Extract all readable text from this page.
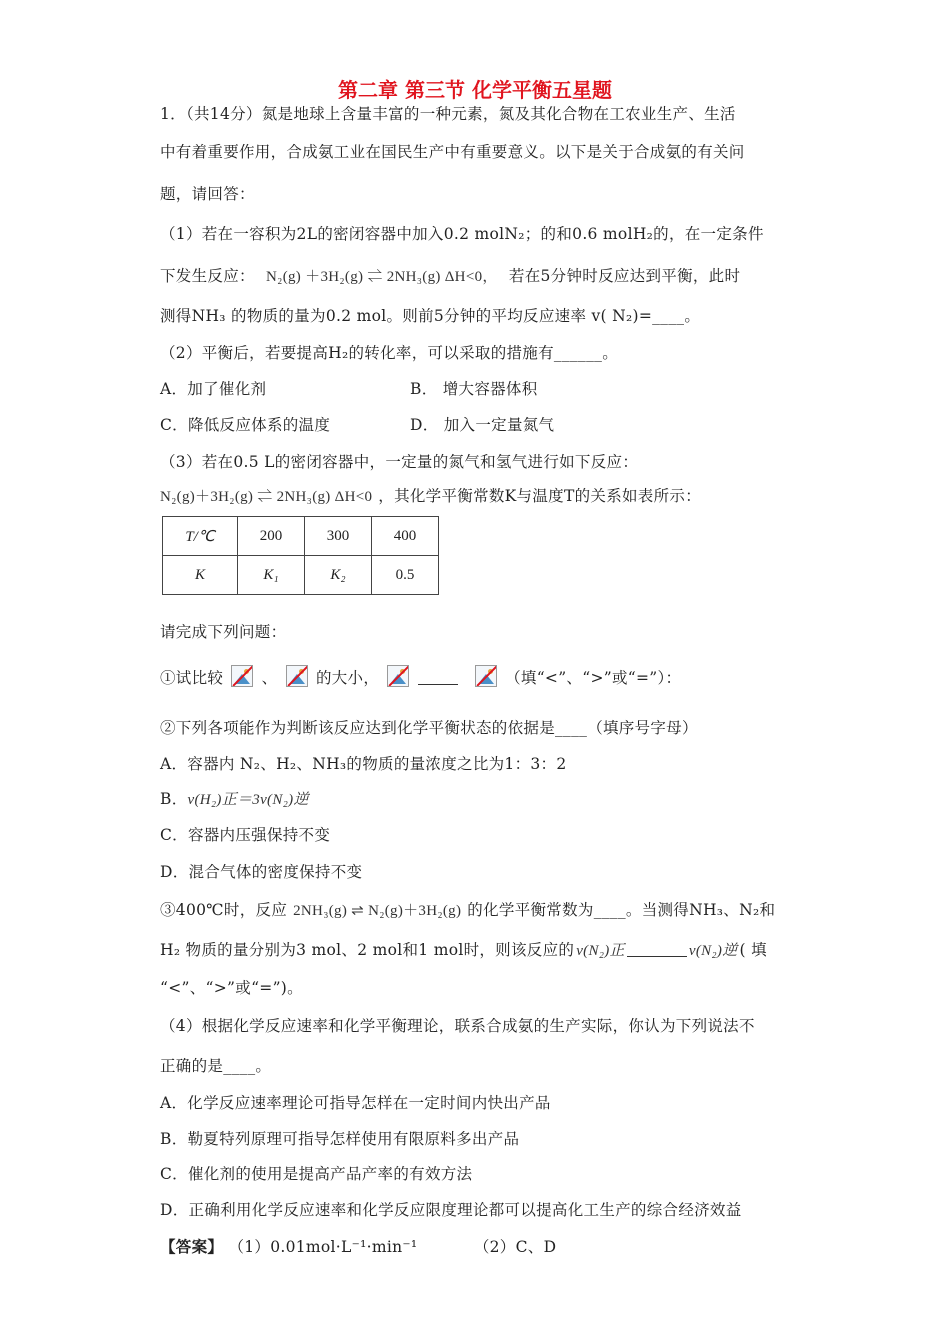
第二章 第三节 化学平衡五星题
1．（共14分）氮是地球上含量丰富的一种元素，氮及其化合物在工农业生产、生活
中有着重要作用，合成氨工业在国民生产中有重要意义。以下是关于合成氨的有关问
题，请回答：
（1）若在一容积为2L的密闭容器中加入0.2 molN₂；的和0.6 molH₂的，在一定条件
下发生反应： N₂(g) ＋3H₂(g) ⇌ 2NH₃(g) ΔH<0， 若在5分钟时反应达到平衡，此时
测得NH₃ 的物质的量为0.2 mol。则前5分钟的平均反应速率 v( N₂)=____。
（2）平衡后，若要提高H₂的转化率，可以采取的措施有______。
A．加了催化剂	B． 增大容器体积
C．降低反应体系的温度	D． 加入一定量氮气
（3）若在0.5 L的密闭容器中，一定量的氮气和氢气进行如下反应：
N₂(g)＋3H₂(g) ⇌ 2NH₃(g) ΔH<0 ，其化学平衡常数K与温度T的关系如表所示：
T/℃	200	300	400
K	K₁	K₂	0.5
请完成下列问题：
①试比较 、
的大小，
	（填“<”、“>”或“=”）：
②下列各项能作为判断该反应达到化学平衡状态的依据是____（填序号字母）
A．容器内 N₂、H₂、NH₃的物质的量浓度之比为1：3：2
B．v(H₂)正＝3v(N₂)逆
C．容器内压强保持不变
D．混合气体的密度保持不变
③400℃时，反应 2NH₃(g) ⇌ N₂(g)＋3H₂(g) 的化学平衡常数为____。当测得NH₃、N₂和
H₂ 物质的量分别为3 mol、2 mol和1 mol时，则该反应的 v(N₂)正	v(N₂)逆 ( 填
“<”、“>”或“=”)。
（4）根据化学反应速率和化学平衡理论，联系合成氨的生产实际，你认为下列说法不
正确的是____。
A．化学反应速率理论可指导怎样在一定时间内快出产品
B．勒夏特列原理可指导怎样使用有限原料多出产品
C．催化剂的使用是提高产品产率的有效方法
D．正确利用化学反应速率和化学反应限度理论都可以提高化工生产的综合经济效益
【答案】 （1）0.01mol·L⁻¹·min⁻¹	（2）C、D
